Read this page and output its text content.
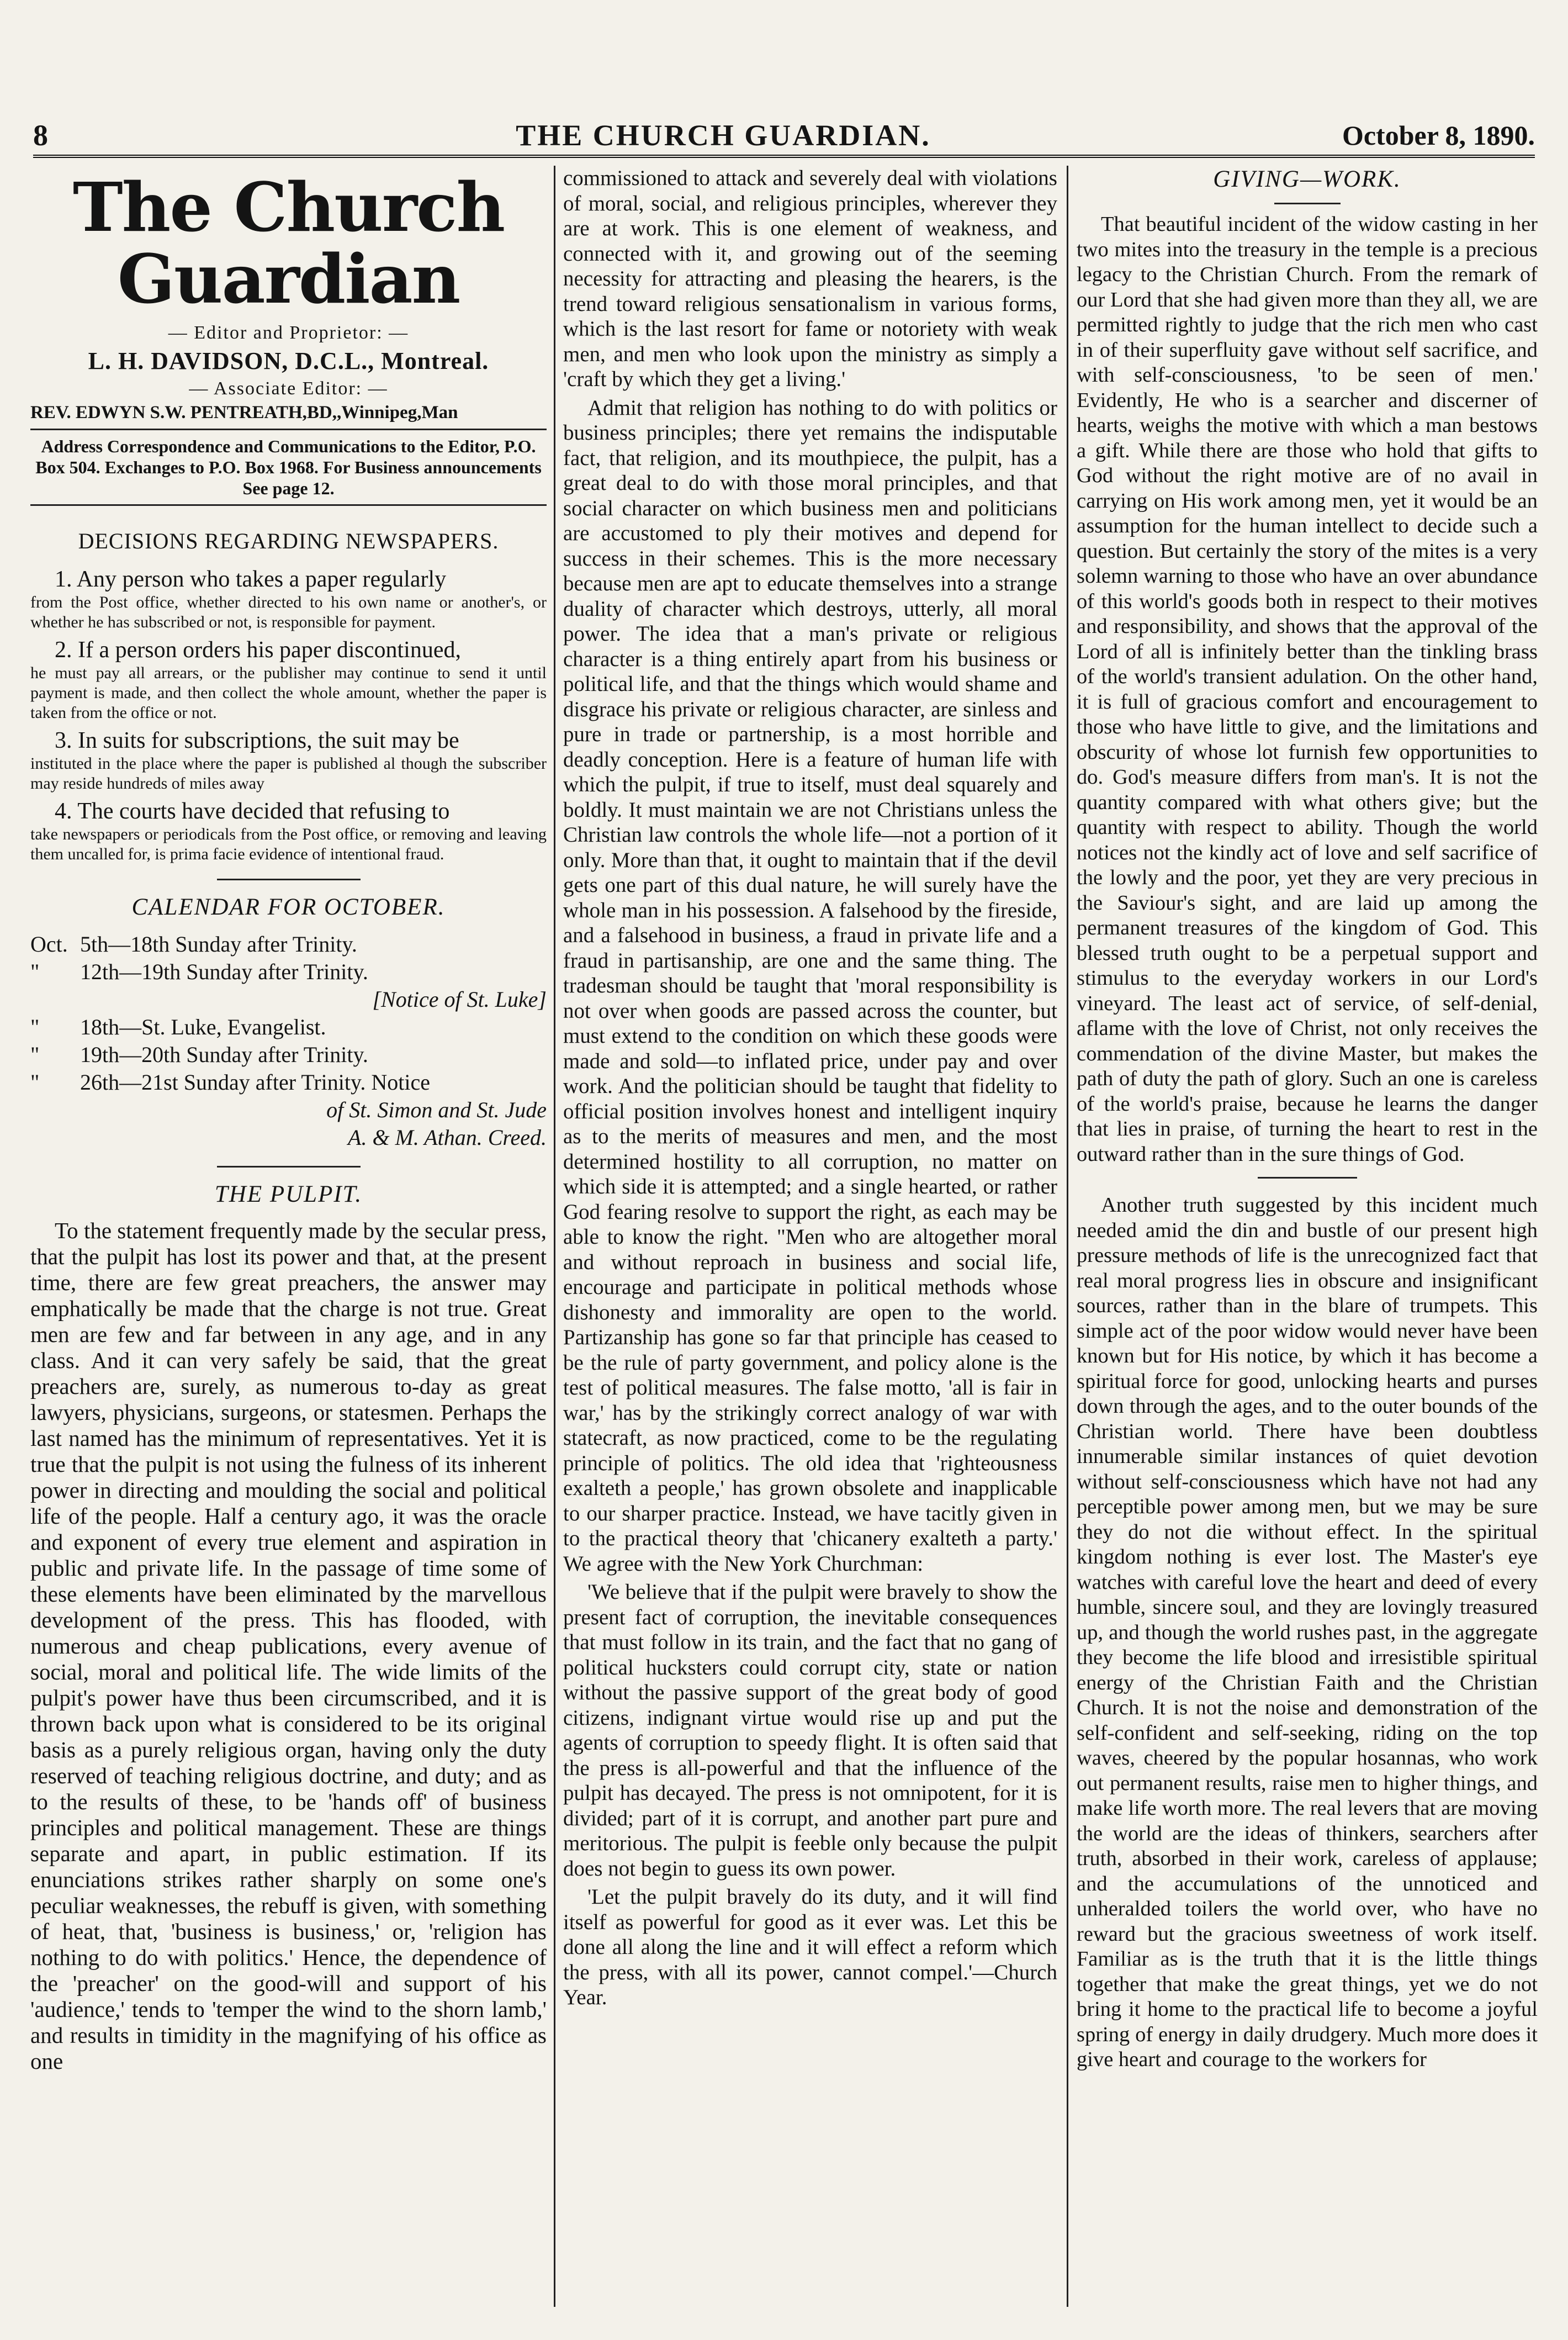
8	THE CHURCH GUARDIAN.	October 8, 1890.
The Church Guardian
— Editor and Proprietor: —
L. H. DAVIDSON, D.C.L., Montreal.
— Associate Editor: —
REV. EDWYN S.W. PENTREATH,BD,,Winnipeg,Man
Address Correspondence and Communications to the Editor, P.O. Box 504. Exchanges to P.O. Box 1968. For Business announcements See page 12.
DECISIONS REGARDING NEWSPAPERS.

1. Any person who takes a paper regularly

from the Post office, whether directed to his own name or another's, or whether he has subscribed or not, is responsible for payment.

2. If a person orders his paper discontinued,

he must pay all arrears, or the publisher may continue to send it until payment is made, and then collect the whole amount, whether the paper is taken from the office or not.

3. In suits for subscriptions, the suit may be

instituted in the place where the paper is published al though the subscriber may reside hundreds of miles away

4. The courts have decided that refusing to

take newspapers or periodicals from the Post office, or removing and leaving them uncalled for, is prima facie evidence of intentional fraud.

CALENDAR FOR OCTOBER.
Oct. 5th—18th Sunday after Trinity.
"	12th—19th Sunday after Trinity.
[Notice of St. Luke]
"	18th—St. Luke, Evangelist.
"	19th—20th Sunday after Trinity.
"	26th—21st Sunday after Trinity. Notice
of St. Simon and St. Jude
A. & M. Athan. Creed.
THE PULPIT.

To the statement frequently made by the secular press, that the pulpit has lost its power and that, at the present time, there are few great preachers, the answer may emphatically be made that the charge is not true. Great men are few and far between in any age, and in any class. And it can very safely be said, that the great preachers are, surely, as numerous to-day as great lawyers, physicians, surgeons, or statesmen. Perhaps the last named has the minimum of representatives. Yet it is true that the pulpit is not using the fulness of its inherent power in directing and moulding the social and political life of the people. Half a century ago, it was the oracle and exponent of every true element and aspiration in public and private life. In the passage of time some of these elements have been eliminated by the marvellous development of the press. This has flooded, with numerous and cheap publications, every avenue of social, moral and political life. The wide limits of the pulpit's power have thus been circumscribed, and it is thrown back upon what is considered to be its original basis as a purely religious organ, having only the duty reserved of teaching religious doctrine, and duty; and as to the results of these, to be 'hands off' of business principles and political management. These are things separate and apart, in public estimation. If its enunciations strikes rather sharply on some one's peculiar weaknesses, the rebuff is given, with something of heat, that, 'business is business,' or, 'religion has nothing to do with politics.' Hence, the dependence of the 'preacher' on the good-will and support of his 'audience,' tends to 'temper the wind to the shorn lamb,' and results in timidity in the magnifying of his office as one

commissioned to attack and severely deal with violations of moral, social, and religious principles, wherever they are at work. This is one element of weakness, and connected with it, and growing out of the seeming necessity for attracting and pleasing the hearers, is the trend toward religious sensationalism in various forms, which is the last resort for fame or notoriety with weak men, and men who look upon the ministry as simply a 'craft by which they get a living.'

Admit that religion has nothing to do with politics or business principles; there yet remains the indisputable fact, that religion, and its mouthpiece, the pulpit, has a great deal to do with those moral principles, and that social character on which business men and politicians are accustomed to ply their motives and depend for success in their schemes. This is the more necessary because men are apt to educate themselves into a strange duality of character which destroys, utterly, all moral power. The idea that a man's private or religious character is a thing entirely apart from his business or political life, and that the things which would shame and disgrace his private or religious character, are sinless and pure in trade or partnership, is a most horrible and deadly conception. Here is a feature of human life with which the pulpit, if true to itself, must deal squarely and boldly. It must maintain we are not Christians unless the Christian law controls the whole life—not a portion of it only. More than that, it ought to maintain that if the devil gets one part of this dual nature, he will surely have the whole man in his possession. A falsehood by the fireside, and a falsehood in business, a fraud in private life and a fraud in partisanship, are one and the same thing. The tradesman should be taught that 'moral responsibility is not over when goods are passed across the counter, but must extend to the condition on which these goods were made and sold—to inflated price, under pay and over work. And the politician should be taught that fidelity to official position involves honest and intelligent inquiry as to the merits of measures and men, and the most determined hostility to all corruption, no matter on which side it is attempted; and a single hearted, or rather God fearing resolve to support the right, as each may be able to know the right. "Men who are altogether moral and without reproach in business and social life, encourage and participate in political methods whose dishonesty and immorality are open to the world. Partizanship has gone so far that principle has ceased to be the rule of party government, and policy alone is the test of political measures. The false motto, 'all is fair in war,' has by the strikingly correct analogy of war with statecraft, as now practiced, come to be the regulating principle of politics. The old idea that 'righteousness exalteth a people,' has grown obsolete and inapplicable to our sharper practice. Instead, we have tacitly given in to the practical theory that 'chicanery exalteth a party.' We agree with the New York Churchman:

'We believe that if the pulpit were bravely to show the present fact of corruption, the inevitable consequences that must follow in its train, and the fact that no gang of political hucksters could corrupt city, state or nation without the passive support of the great body of good citizens, indignant virtue would rise up and put the agents of corruption to speedy flight. It is often said that the press is all-powerful and that the influence of the pulpit has decayed. The press is not omnipotent, for it is divided; part of it is corrupt, and another part pure and meritorious. The pulpit is feeble only because the pulpit does not begin to guess its own power.

'Let the pulpit bravely do its duty, and it will find itself as powerful for good as it ever was. Let this be done all along the line and it will effect a reform which the press, with all its power, cannot compel.'—Church Year.

GIVING—WORK.

That beautiful incident of the widow casting in her two mites into the treasury in the temple is a precious legacy to the Christian Church. From the remark of our Lord that she had given more than they all, we are permitted rightly to judge that the rich men who cast in of their superfluity gave without self sacrifice, and with self-consciousness, 'to be seen of men.' Evidently, He who is a searcher and discerner of hearts, weighs the motive with which a man bestows a gift. While there are those who hold that gifts to God without the right motive are of no avail in carrying on His work among men, yet it would be an assumption for the human intellect to decide such a question. But certainly the story of the mites is a very solemn warning to those who have an over abundance of this world's goods both in respect to their motives and responsibility, and shows that the approval of the Lord of all is infinitely better than the tinkling brass of the world's transient adulation. On the other hand, it is full of gracious comfort and encouragement to those who have little to give, and the limitations and obscurity of whose lot furnish few opportunities to do. God's measure differs from man's. It is not the quantity compared with what others give; but the quantity with respect to ability. Though the world notices not the kindly act of love and self sacrifice of the lowly and the poor, yet they are very precious in the Saviour's sight, and are laid up among the permanent treasures of the kingdom of God. This blessed truth ought to be a perpetual support and stimulus to the everyday workers in our Lord's vineyard. The least act of service, of self-denial, aflame with the love of Christ, not only receives the commendation of the divine Master, but makes the path of duty the path of glory. Such an one is careless of the world's praise, because he learns the danger that lies in praise, of turning the heart to rest in the outward rather than in the sure things of God.

Another truth suggested by this incident much needed amid the din and bustle of our present high pressure methods of life is the unrecognized fact that real moral progress lies in obscure and insignificant sources, rather than in the blare of trumpets. This simple act of the poor widow would never have been known but for His notice, by which it has become a spiritual force for good, unlocking hearts and purses down through the ages, and to the outer bounds of the Christian world. There have been doubtless innumerable similar instances of quiet devotion without self-consciousness which have not had any perceptible power among men, but we may be sure they do not die without effect. In the spiritual kingdom nothing is ever lost. The Master's eye watches with careful love the heart and deed of every humble, sincere soul, and they are lovingly treasured up, and though the world rushes past, in the aggregate they become the life blood and irresistible spiritual energy of the Christian Faith and the Christian Church. It is not the noise and demonstration of the self-confident and self-seeking, riding on the top waves, cheered by the popular hosannas, who work out permanent results, raise men to higher things, and make life worth more. The real levers that are moving the world are the ideas of thinkers, searchers after truth, absorbed in their work, careless of applause; and the accumulations of the unnoticed and unheralded toilers the world over, who have no reward but the gracious sweetness of work itself. Familiar as is the truth that it is the little things together that make the great things, yet we do not bring it home to the practical life to become a joyful spring of energy in daily drudgery. Much more does it give heart and courage to the workers for
